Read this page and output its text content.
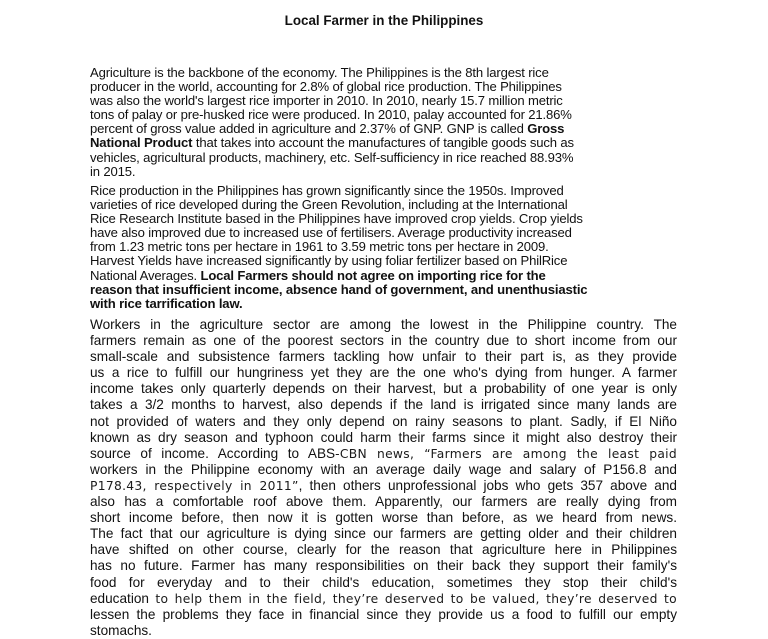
Local Farmer in the Philippines
Agriculture is the backbone of the economy. The Philippines is the 8th largest rice
producer in the world, accounting for 2.8% of global rice production. The Philippines
was also the world's largest rice importer in 2010. In 2010, nearly 15.7 million metric
tons of palay or pre-husked rice were produced. In 2010, palay accounted for 21.86%
percent of gross value added in agriculture and 2.37% of GNP. GNP is called Gross
National Product that takes into account the manufactures of tangible goods such as
vehicles, agricultural products, machinery, etc. Self-sufficiency in rice reached 88.93%
in 2015.
Rice production in the Philippines has grown significantly since the 1950s. Improved
varieties of rice developed during the Green Revolution, including at the International
Rice Research Institute based in the Philippines have improved crop yields. Crop yields
have also improved due to increased use of fertilisers. Average productivity increased
from 1.23 metric tons per hectare in 1961 to 3.59 metric tons per hectare in 2009.
Harvest Yields have increased significantly by using foliar fertilizer based on PhilRice
National Averages. Local Farmers should not agree on importing rice for the
reason that insufficient income, absence hand of government, and unenthusiastic
with rice tarrification law.
Workers in the agriculture sector are among the lowest in the Philippine country. The
farmers remain as one of the poorest sectors in the country due to short income from our
small-scale and subsistence farmers tackling how unfair to their part is, as they provide
us a rice to fulfill our hungriness yet they are the one who's dying from hunger. A farmer
income takes only quarterly depends on their harvest, but a probability of one year is only
takes a 3/2 months to harvest, also depends if the land is irrigated since many lands are
not provided of waters and they only depend on rainy seasons to plant. Sadly, if El Niño
known as dry season and typhoon could harm their farms since it might also destroy their
source of income. According to ABS-CBN news, “Farmers are among the least paid
workers in the Philippine economy with an average daily wage and salary of P156.8 and
P178.43, respectively in 2011”, then others unprofessional jobs who gets 357 above and
also has a comfortable roof above them. Apparently, our farmers are really dying from
short income before, then now it is gotten worse than before, as we heard from news.
The fact that our agriculture is dying since our farmers are getting older and their children
have shifted on other course, clearly for the reason that agriculture here in Philippines
has no future. Farmer has many responsibilities on their back they support their family's
food for everyday and to their child's education, sometimes they stop their child's
education to help them in the field, they’re deserved to be valued, they’re deserved to
lessen the problems they face in financial since they provide us a food to fulfill our empty
stomachs.
